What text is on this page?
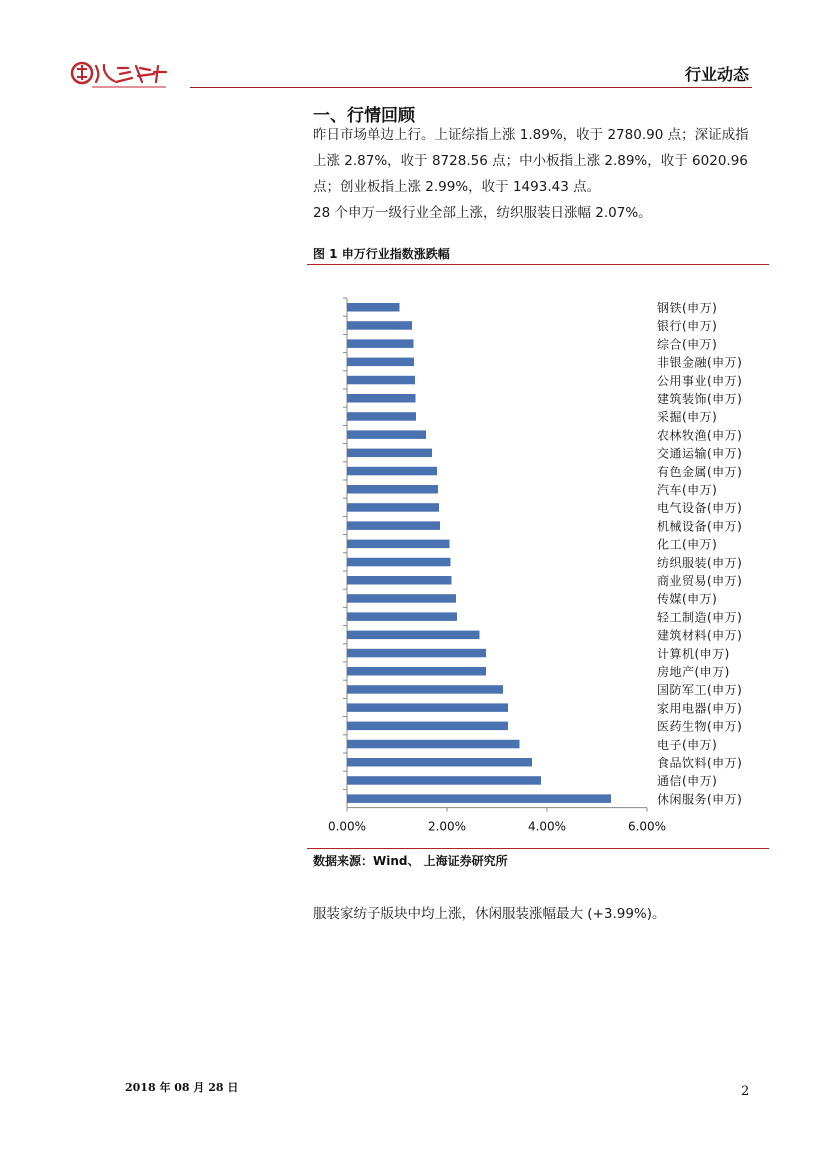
行业动态
一、行情回顾
昨日市场单边上行。上证综指上涨 1.89%，收于 2780.90 点；深证成指上涨 2.87%，收于 8728.56 点；中小板指上涨 2.89%，收于 6020.96 点；创业板指上涨 2.99%，收于 1493.43 点。
28 个申万一级行业全部上涨，纺织服装日涨幅 2.07%。
图 1 申万行业指数涨跌幅
钢铁(申万)
银行(申万)
综合(申万)
非银金融(申万)
公用事业(申万)
建筑装饰(申万)
采掘(申万)
农林牧渔(申万)
交通运输(申万)
有色金属(申万)
汽车(申万)
电气设备(申万)
机械设备(申万)
化工(申万)
纺织服装(申万)
商业贸易(申万)
传媒(申万)
轻工制造(申万)
建筑材料(申万)
计算机(申万)
房地产(申万)
国防军工(申万)
家用电器(申万)
医药生物(申万)
电子(申万)
食品饮料(申万)
通信(申万)
休闲服务(申万)
0.00%	2.00%	4.00%	6.00%
数据来源：Wind、 上海证券研究所
服装家纺子版块中均上涨，休闲服装涨幅最大 (+3.99%)。
2018 年 08 月 28 日	2
